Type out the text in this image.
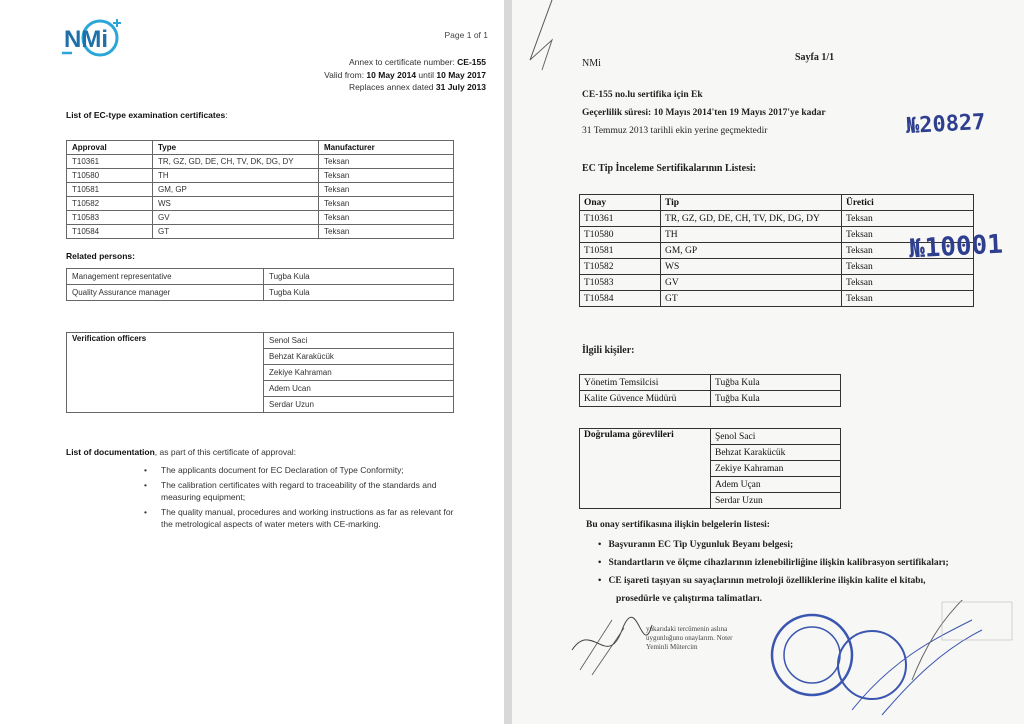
NMi	Page 1 of 1
Annex to certificate number: CE-155
Valid from: 10 May 2014 until 10 May 2017
Replaces annex dated 31 July 2013
List of EC-type examination certificates:
Approval	Type	Manufacturer
T10361	TR, GZ, GD, DE, CH, TV, DK, DG, DY	Teksan
T10580	TH	Teksan
T10581	GM, GP	Teksan
T10582	WS	Teksan
T10583	GV	Teksan
T10584	GT	Teksan
Related persons:
Management representative	Tugba Kula
Quality Assurance manager	Tugba Kula
Verification officers	Senol Saci
Behzat Karakücük
Zekiye Kahraman
Adem Ucan
Serdar Uzun
List of documentation, as part of this certificate of approval:
• The applicants document for EC Declaration of Type Conformity;
• The calibration certificates with regard to traceability of the standards and measuring equipment;
• The quality manual, procedures and working instructions as far as relevant for the metrological aspects of water meters with CE-marking.
NMi
Sayfa 1/1
CE-155 no.lu sertifika için Ek
Geçerlilik süresi: 10 Mayıs 2014'ten 19 Mayıs 2017'ye kadar
31 Temmuz 2013 tarihli ekin yerine geçmektedir	№20827
EC Tip İnceleme Sertifikalarının Listesi:
Onay	Tip	Üretici
T10361	TR, GZ, GD, DE, CH, TV, DK, DG, DY	Teksan
T10580	TH	Teksan
T10581	GM, GP	Teksan
T10582	WS	Teksan
T10583	GV	Teksan
T10584	GT	Teksan
№10001
İlgili kişiler:
Yönetim Temsilcisi	Tuğba Kula
Kalite Güvence Müdürü	Tuğba Kula
Doğrulama görevlileri	Şenol Saci
Behzat Karakücük
Zekiye Kahraman
Adem Uçan
Serdar Uzun
Bu onay sertifikasına ilişkin belgelerin listesi:
•   Başvuranın EC Tip Uygunluk Beyanı belgesi;
•   Standartların ve ölçme cihazlarının izlenebilirliğine ilişkin kalibrasyon sertifikaları;
•   CE işareti taşıyan su sayaçlarının metroloji özelliklerine ilişkin kalite el kitabı,
prosedürle ve çalıştırma talimatları.
yukarıdaki tercümenin aslına uygunluğunu onaylarım. Noter Yeminli Mütercim
